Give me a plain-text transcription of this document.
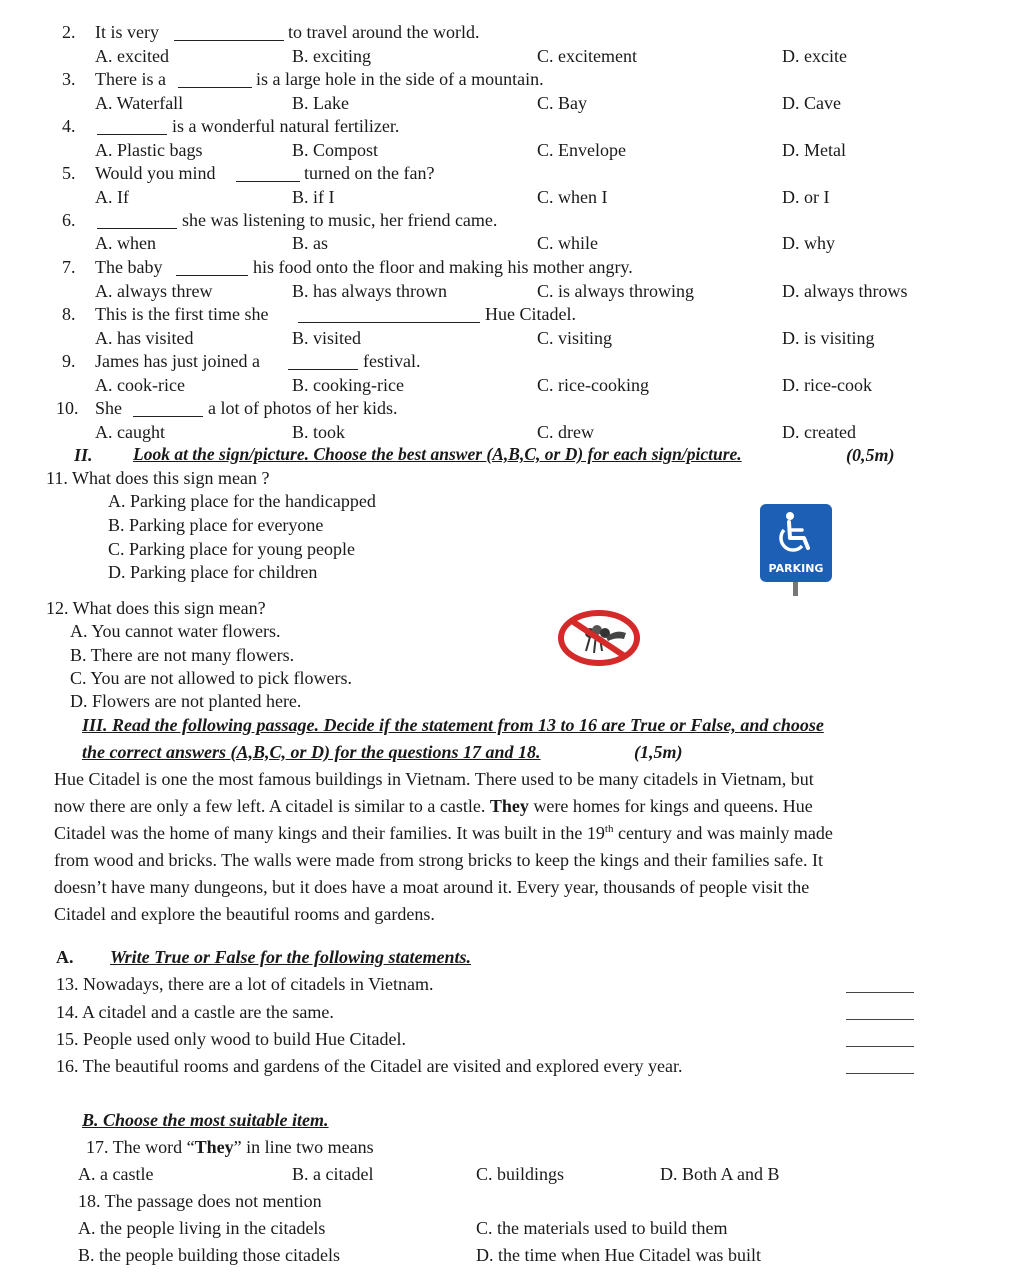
2. It is very	to travel around the world.
A. excited	B. exciting	C. excitement	D. excite
3. There is a	is a large hole in the side of a mountain.
A. Waterfall	B. Lake	C. Bay	D. Cave
4.	is a wonderful natural fertilizer.
A. Plastic bags	B. Compost	C. Envelope	D. Metal
5. Would you mind	turned on the fan?
A. If	B. if I	C. when I	D. or I
6.	she was listening to music, her friend came.
A. when	B. as	C. while	D. why
7. The baby	his food onto the floor and making his mother angry.
A. always threw	B. has always thrown	C. is always throwing	D. always throws
8. This is the first time she	Hue Citadel.
A. has visited	B. visited	C. visiting	D. is visiting
9. James has just joined a	festival.
A. cook-rice	B. cooking-rice	C. rice-cooking	D. rice-cook
10. She	a lot of photos of her kids.
A. caught	B. took	C. drew	D. created
II. Look at the sign/picture. Choose the best answer (A,B,C, or D) for each sign/picture.	(0,5m)
11. What does this sign mean ?
A. Parking place for the handicapped
B. Parking place for everyone
C. Parking place for young people
D. Parking place for children	PARKING
12. What does this sign mean?
A. You cannot water flowers.
B. There are not many flowers.
C. You are not allowed to pick flowers.
D. Flowers are not planted here.
III. Read the following passage. Decide if the statement from 13 to 16 are True or False, and choose
the correct answers (A,B,C, or D) for the questions 17 and 18.	(1,5m)
Hue Citadel is one the most famous buildings in Vietnam. There used to be many citadels in Vietnam, but
now there are only a few left. A citadel is similar to a castle. They were homes for kings and queens. Hue
Citadel was the home of many kings and their families. It was built in the 19th century and was mainly made
from wood and bricks. The walls were made from strong bricks to keep the kings and their families safe. It
doesn’t have many dungeons, but it does have a moat around it. Every year, thousands of people visit the
Citadel and explore the beautiful rooms and gardens.
A. Write True or False for the following statements.
13. Nowadays, there are a lot of citadels in Vietnam.
14. A citadel and a castle are the same.
15. People used only wood to build Hue Citadel.
16. The beautiful rooms and gardens of the Citadel are visited and explored every year.
B. Choose the most suitable item.
17. The word “They” in line two means
A. a castle	B. a citadel	C. buildings	D. Both A and B
18. The passage does not mention
A. the people living in the citadels	C. the materials used to build them
B. the people building those citadels	D. the time when Hue Citadel was built
